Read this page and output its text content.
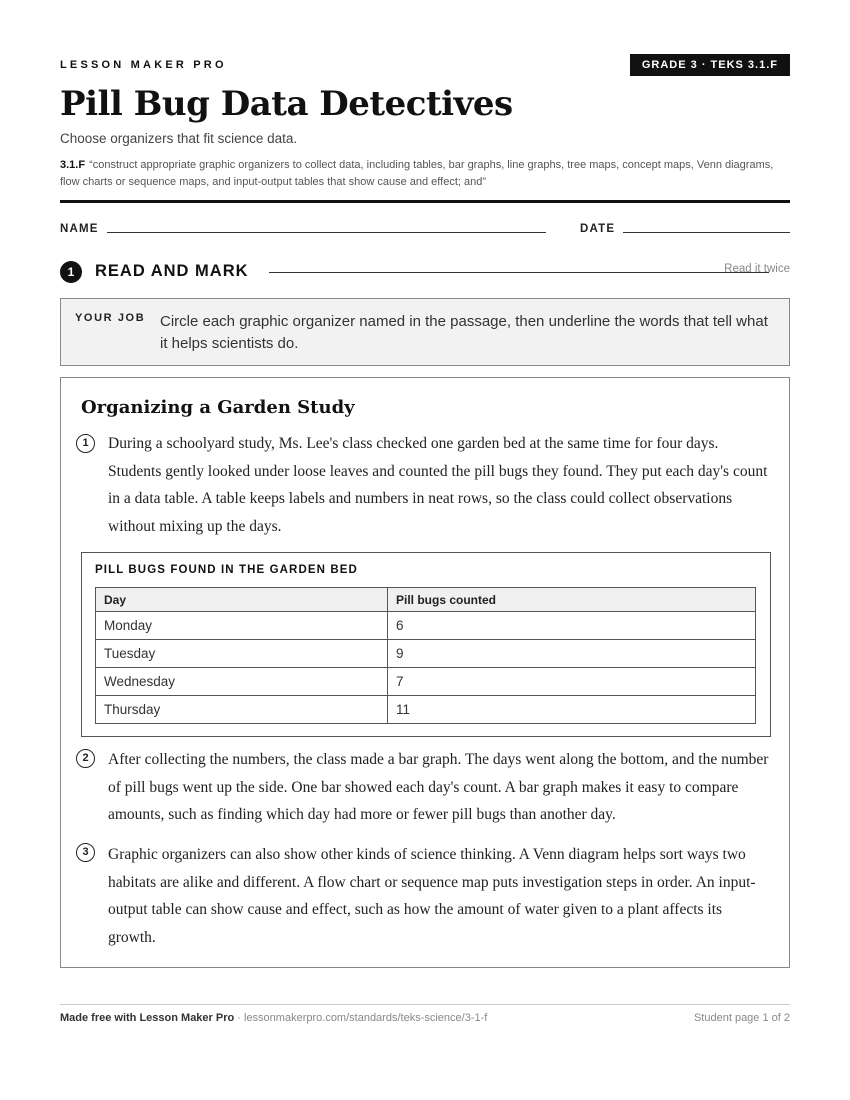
LESSON MAKER PRO	GRADE 3 · TEKS 3.1.F
Pill Bug Data Detectives
Choose organizers that fit science data.
3.1.F “construct appropriate graphic organizers to collect data, including tables, bar graphs, line graphs, tree maps, concept maps, Venn diagrams, flow charts or sequence maps, and input-output tables that show cause and effect; and”
NAME	DATE
1	READ AND MARK	Read it twice
YOUR JOB Circle each graphic organizer named in the passage, then underline the words that tell what it helps scientists do.
Organizing a Garden Study
1	During a schoolyard study, Ms. Lee's class checked one garden bed at the same time for four days. Students gently looked under loose leaves and counted the pill bugs they found. They put each day's count in a data table. A table keeps labels and numbers in neat rows, so the class could collect observations without mixing up the days.
PILL BUGS FOUND IN THE GARDEN BED
Day	Pill bugs counted
Monday	6
Tuesday	9
Wednesday	7
Thursday	11
2	After collecting the numbers, the class made a bar graph. The days went along the bottom, and the number of pill bugs went up the side. One bar showed each day's count. A bar graph makes it easy to compare amounts, such as finding which day had more or fewer pill bugs than another day.
3	Graphic organizers can also show other kinds of science thinking. A Venn diagram helps sort ways two habitats are alike and different. A flow chart or sequence map puts investigation steps in order. An input-output table can show cause and effect, such as how the amount of water given to a plant affects its growth.
Made free with Lesson Maker Pro · lessonmakerpro.com/standards/teks-science/3-1-f	Student page 1 of 2
